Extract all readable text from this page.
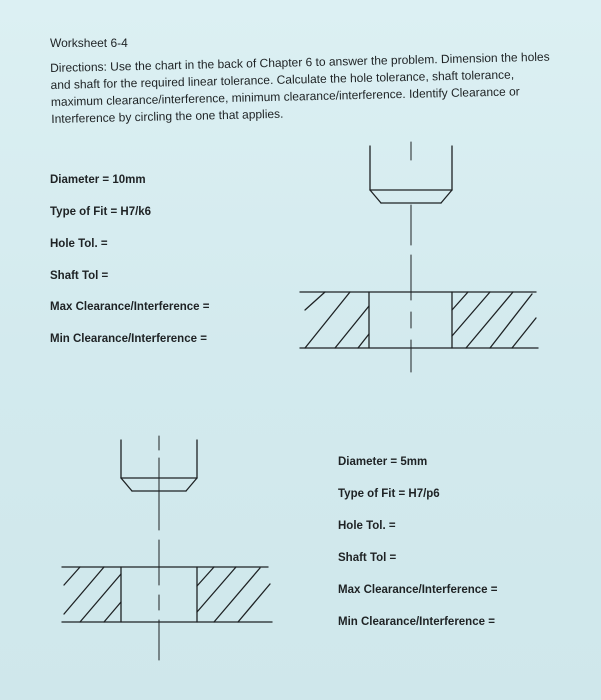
Worksheet 6-4
Directions: Use the chart in the back of Chapter 6 to answer the problem. Dimension the holes and shaft for the required linear tolerance. Calculate the hole tolerance, shaft tolerance, maximum clearance/interference, minimum clearance/interference. Identify Clearance or Interference by circling the one that applies.
Diameter = 10mm
Type of Fit = H7/k6
Hole Tol. =
Shaft Tol =
Max Clearance/Interference =
Min Clearance/Interference =
Diameter = 5mm
Type of Fit = H7/p6
Hole Tol. =
Shaft Tol =
Max Clearance/Interference =
Min Clearance/Interference =
